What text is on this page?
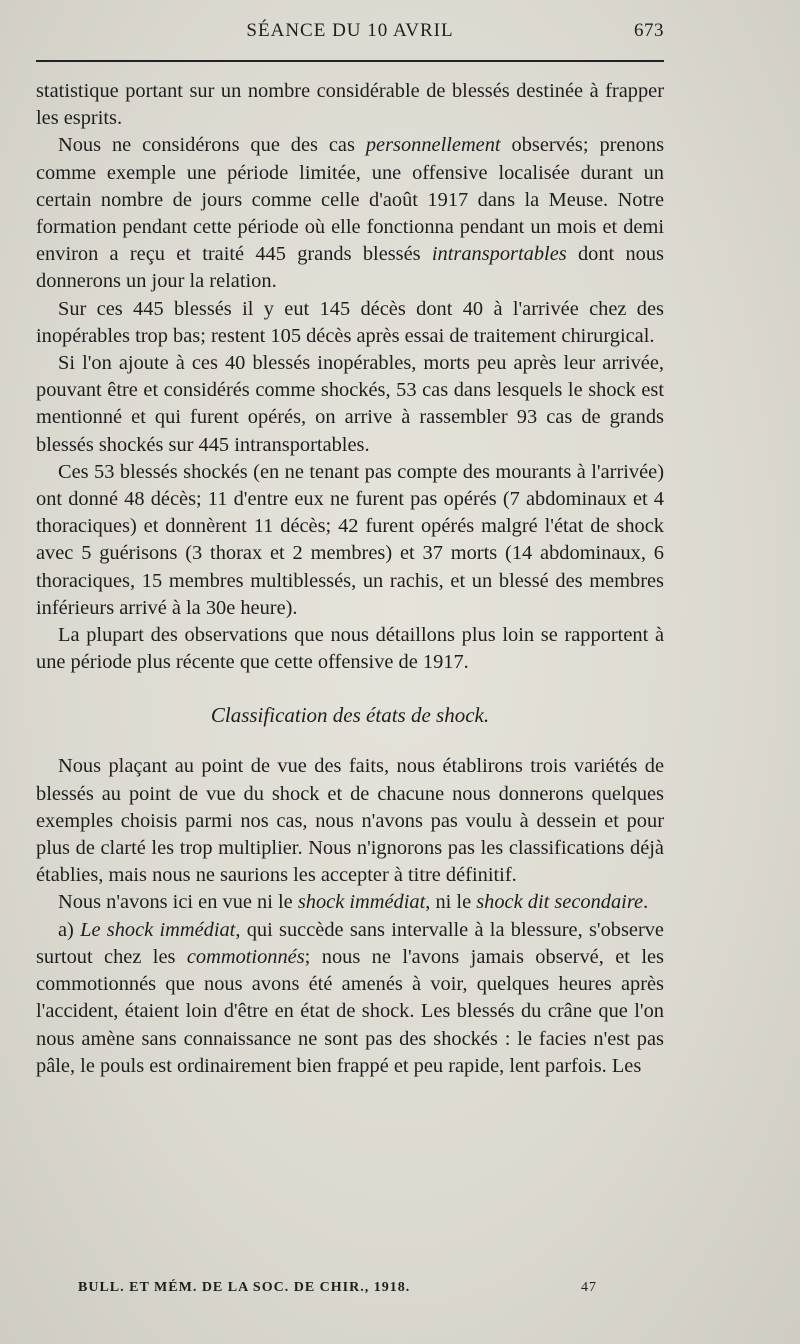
SÉANCE DU 10 AVRIL	673

statistique portant sur un nombre considérable de blessés destinée à frapper les esprits.

Nous ne considérons que des cas personnellement observés; prenons comme exemple une période limitée, une offensive localisée durant un certain nombre de jours comme celle d'août 1917 dans la Meuse. Notre formation pendant cette période où elle fonctionna pendant un mois et demi environ a reçu et traité 445 grands blessés intransportables dont nous donnerons un jour la relation.

Sur ces 445 blessés il y eut 145 décès dont 40 à l'arrivée chez des inopérables trop bas; restent 105 décès après essai de traitement chirurgical.

Si l'on ajoute à ces 40 blessés inopérables, morts peu après leur arrivée, pouvant être et considérés comme shockés, 53 cas dans lesquels le shock est mentionné et qui furent opérés, on arrive à rassembler 93 cas de grands blessés shockés sur 445 intransportables.

Ces 53 blessés shockés (en ne tenant pas compte des mourants à l'arrivée) ont donné 48 décès; 11 d'entre eux ne furent pas opérés (7 abdominaux et 4 thoraciques) et donnèrent 11 décès; 42 furent opérés malgré l'état de shock avec 5 guérisons (3 thorax et 2 membres) et 37 morts (14 abdominaux, 6 thoraciques, 15 membres multiblessés, un rachis, et un blessé des membres inférieurs arrivé à la 30e heure).

La plupart des observations que nous détaillons plus loin se rapportent à une période plus récente que cette offensive de 1917.

Classification des états de shock.

Nous plaçant au point de vue des faits, nous établirons trois variétés de blessés au point de vue du shock et de chacune nous donnerons quelques exemples choisis parmi nos cas, nous n'avons pas voulu à dessein et pour plus de clarté les trop multiplier. Nous n'ignorons pas les classifications déjà établies, mais nous ne saurions les accepter à titre définitif.

Nous n'avons ici en vue ni le shock immédiat, ni le shock dit secondaire.

a) Le shock immédiat, qui succède sans intervalle à la blessure, s'observe surtout chez les commotionnés; nous ne l'avons jamais observé, et les commotionnés que nous avons été amenés à voir, quelques heures après l'accident, étaient loin d'être en état de shock. Les blessés du crâne que l'on nous amène sans connaissance ne sont pas des shockés : le facies n'est pas pâle, le pouls est ordinairement bien frappé et peu rapide, lent parfois. Les

BULL. ET MÉM. DE LA SOC. DE CHIR., 1918.	47
